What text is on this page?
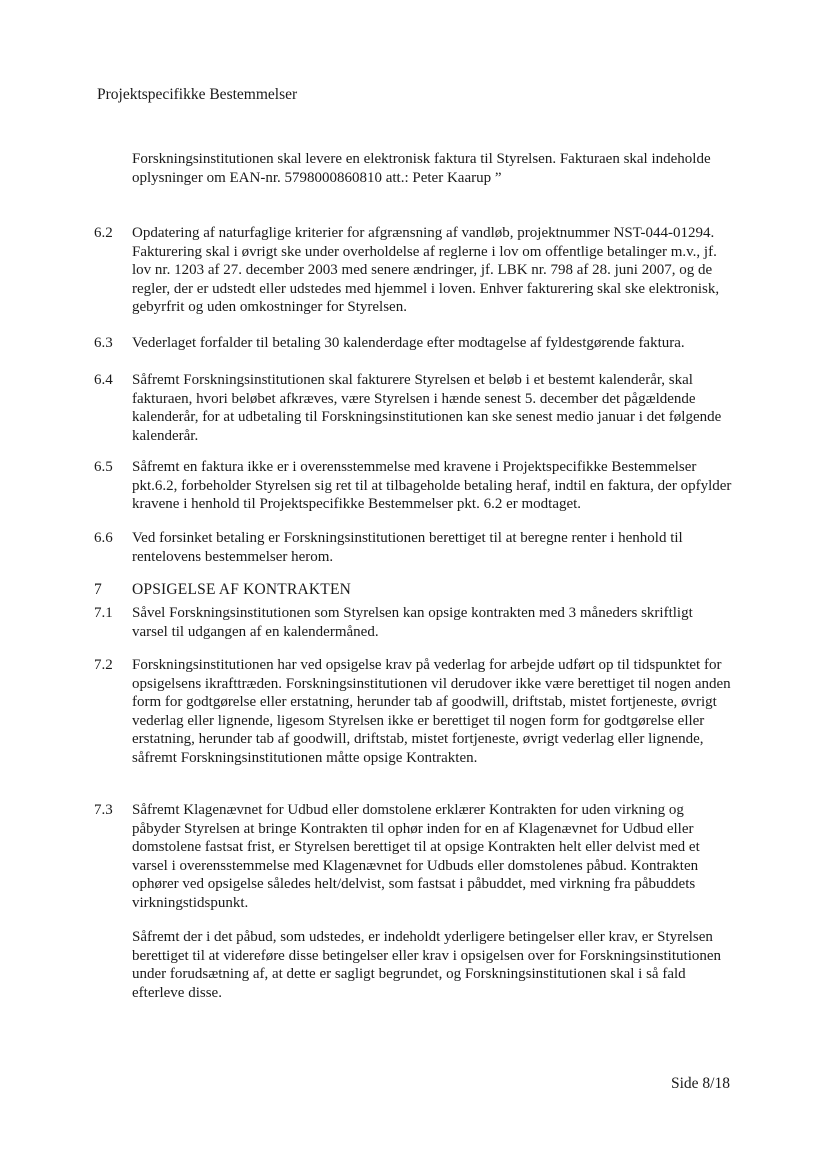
Projektspecifikke Bestemmelser
Forskningsinstitutionen skal levere en elektronisk faktura til Styrelsen. Fakturaen skal indeholde oplysninger om EAN-nr. 5798000860810 att.: Peter Kaarup ”
6.2 Opdatering af naturfaglige kriterier for afgrænsning af vandløb, projektnummer NST-044-01294. Fakturering skal i øvrigt ske under overholdelse af reglerne i lov om offentlige betalinger m.v., jf. lov nr. 1203 af 27. december 2003 med senere ændringer, jf. LBK nr. 798 af 28. juni 2007, og de regler, der er udstedt eller udstedes med hjemmel i loven. Enhver fakturering skal ske elektronisk, gebyrfrit og uden omkostninger for Styrelsen.
6.3 Vederlaget forfalder til betaling 30 kalenderdage efter modtagelse af fyldestgørende faktura.
6.4 Såfremt Forskningsinstitutionen skal fakturere Styrelsen et beløb i et bestemt kalenderår, skal fakturaen, hvori beløbet afkræves, være Styrelsen i hænde senest 5. december det pågældende kalenderår, for at udbetaling til Forskningsinstitutionen kan ske senest medio januar i det følgende kalenderår.
6.5 Såfremt en faktura ikke er i overensstemmelse med kravene i Projektspecifikke Bestemmelser pkt.6.2, forbeholder Styrelsen sig ret til at tilbageholde betaling heraf, indtil en faktura, der opfylder kravene i henhold til Projektspecifikke Bestemmelser pkt. 6.2 er modtaget.
6.6 Ved forsinket betaling er Forskningsinstitutionen berettiget til at beregne renter i henhold til rentelovens bestemmelser herom.
7 OPSIGELSE AF KONTRAKTEN
7.1 Såvel Forskningsinstitutionen som Styrelsen kan opsige kontrakten med 3 måneders skriftligt varsel til udgangen af en kalendermåned.
7.2 Forskningsinstitutionen har ved opsigelse krav på vederlag for arbejde udført op til tidspunktet for opsigelsens ikrafttræden. Forskningsinstitutionen vil derudover ikke være berettiget til nogen anden form for godtgørelse eller erstatning, herunder tab af goodwill, driftstab, mistet fortjeneste, øvrigt vederlag eller lignende, ligesom Styrelsen ikke er berettiget til nogen form for godtgørelse eller erstatning, herunder tab af goodwill, driftstab, mistet fortjeneste, øvrigt vederlag eller lignende, såfremt Forskningsinstitutionen måtte opsige Kontrakten.
7.3 Såfremt Klagenævnet for Udbud eller domstolene erklærer Kontrakten for uden virkning og påbyder Styrelsen at bringe Kontrakten til ophør inden for en af Klagenævnet for Udbud eller domstolene fastsat frist, er Styrelsen berettiget til at opsige Kontrakten helt eller delvist med et varsel i overensstemmelse med Klagenævnet for Udbuds eller domstolenes påbud. Kontrakten ophører ved opsigelse således helt/delvist, som fastsat i påbuddet, med virkning fra påbuddets virkningstidspunkt.
Såfremt der i det påbud, som udstedes, er indeholdt yderligere betingelser eller krav, er Styrelsen berettiget til at videreføre disse betingelser eller krav i opsigelsen over for Forskningsinstitutionen under forudsætning af, at dette er sagligt begrundet, og Forskningsinstitutionen skal i så fald efterleve disse.
Side 8/18
